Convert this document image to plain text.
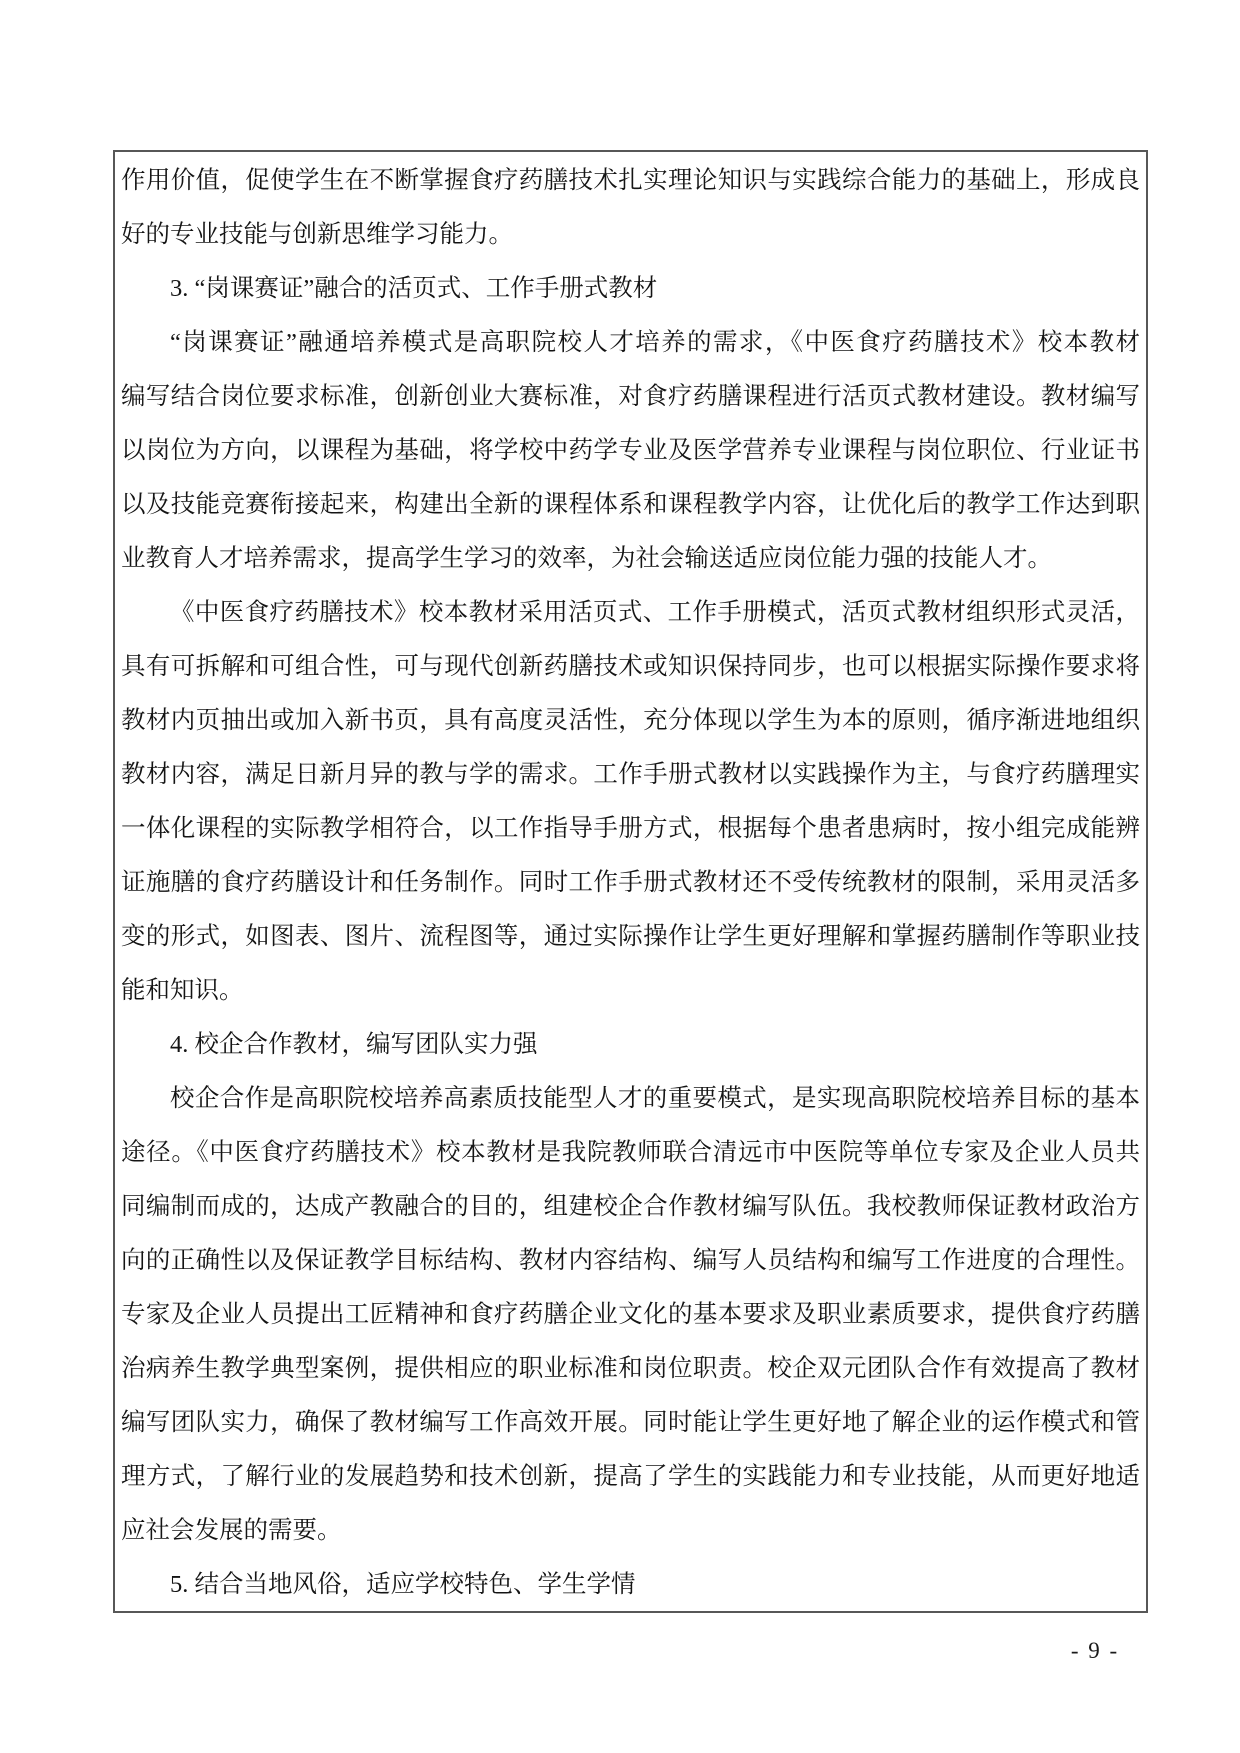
作用价值，促使学生在不断掌握食疗药膳技术扎实理论知识与实践综合能力的基础上，形成良
好的专业技能与创新思维学习能力。
3. “岗课赛证”融合的活页式、工作手册式教材
“岗课赛证”融通培养模式是高职院校人才培养的需求，《中医食疗药膳技术》校本教材
编写结合岗位要求标准，创新创业大赛标准，对食疗药膳课程进行活页式教材建设。教材编写
以岗位为方向，以课程为基础，将学校中药学专业及医学营养专业课程与岗位职位、行业证书
以及技能竞赛衔接起来，构建出全新的课程体系和课程教学内容，让优化后的教学工作达到职
业教育人才培养需求，提高学生学习的效率，为社会输送适应岗位能力强的技能人才。
《中医食疗药膳技术》校本教材采用活页式、工作手册模式，活页式教材组织形式灵活，
具有可拆解和可组合性，可与现代创新药膳技术或知识保持同步，也可以根据实际操作要求将
教材内页抽出或加入新书页，具有高度灵活性，充分体现以学生为本的原则，循序渐进地组织
教材内容，满足日新月异的教与学的需求。工作手册式教材以实践操作为主，与食疗药膳理实
一体化课程的实际教学相符合，以工作指导手册方式，根据每个患者患病时，按小组完成能辨
证施膳的食疗药膳设计和任务制作。同时工作手册式教材还不受传统教材的限制，采用灵活多
变的形式，如图表、图片、流程图等，通过实际操作让学生更好理解和掌握药膳制作等职业技
能和知识。
4. 校企合作教材，编写团队实力强
校企合作是高职院校培养高素质技能型人才的重要模式，是实现高职院校培养目标的基本
途径。《中医食疗药膳技术》校本教材是我院教师联合清远市中医院等单位专家及企业人员共
同编制而成的，达成产教融合的目的，组建校企合作教材编写队伍。我校教师保证教材政治方
向的正确性以及保证教学目标结构、教材内容结构、编写人员结构和编写工作进度的合理性。
专家及企业人员提出工匠精神和食疗药膳企业文化的基本要求及职业素质要求，提供食疗药膳
治病养生教学典型案例，提供相应的职业标准和岗位职责。校企双元团队合作有效提高了教材
编写团队实力，确保了教材编写工作高效开展。同时能让学生更好地了解企业的运作模式和管
理方式，了解行业的发展趋势和技术创新，提高了学生的实践能力和专业技能，从而更好地适
应社会发展的需要。
5. 结合当地风俗，适应学校特色、学生学情
- 9 -
